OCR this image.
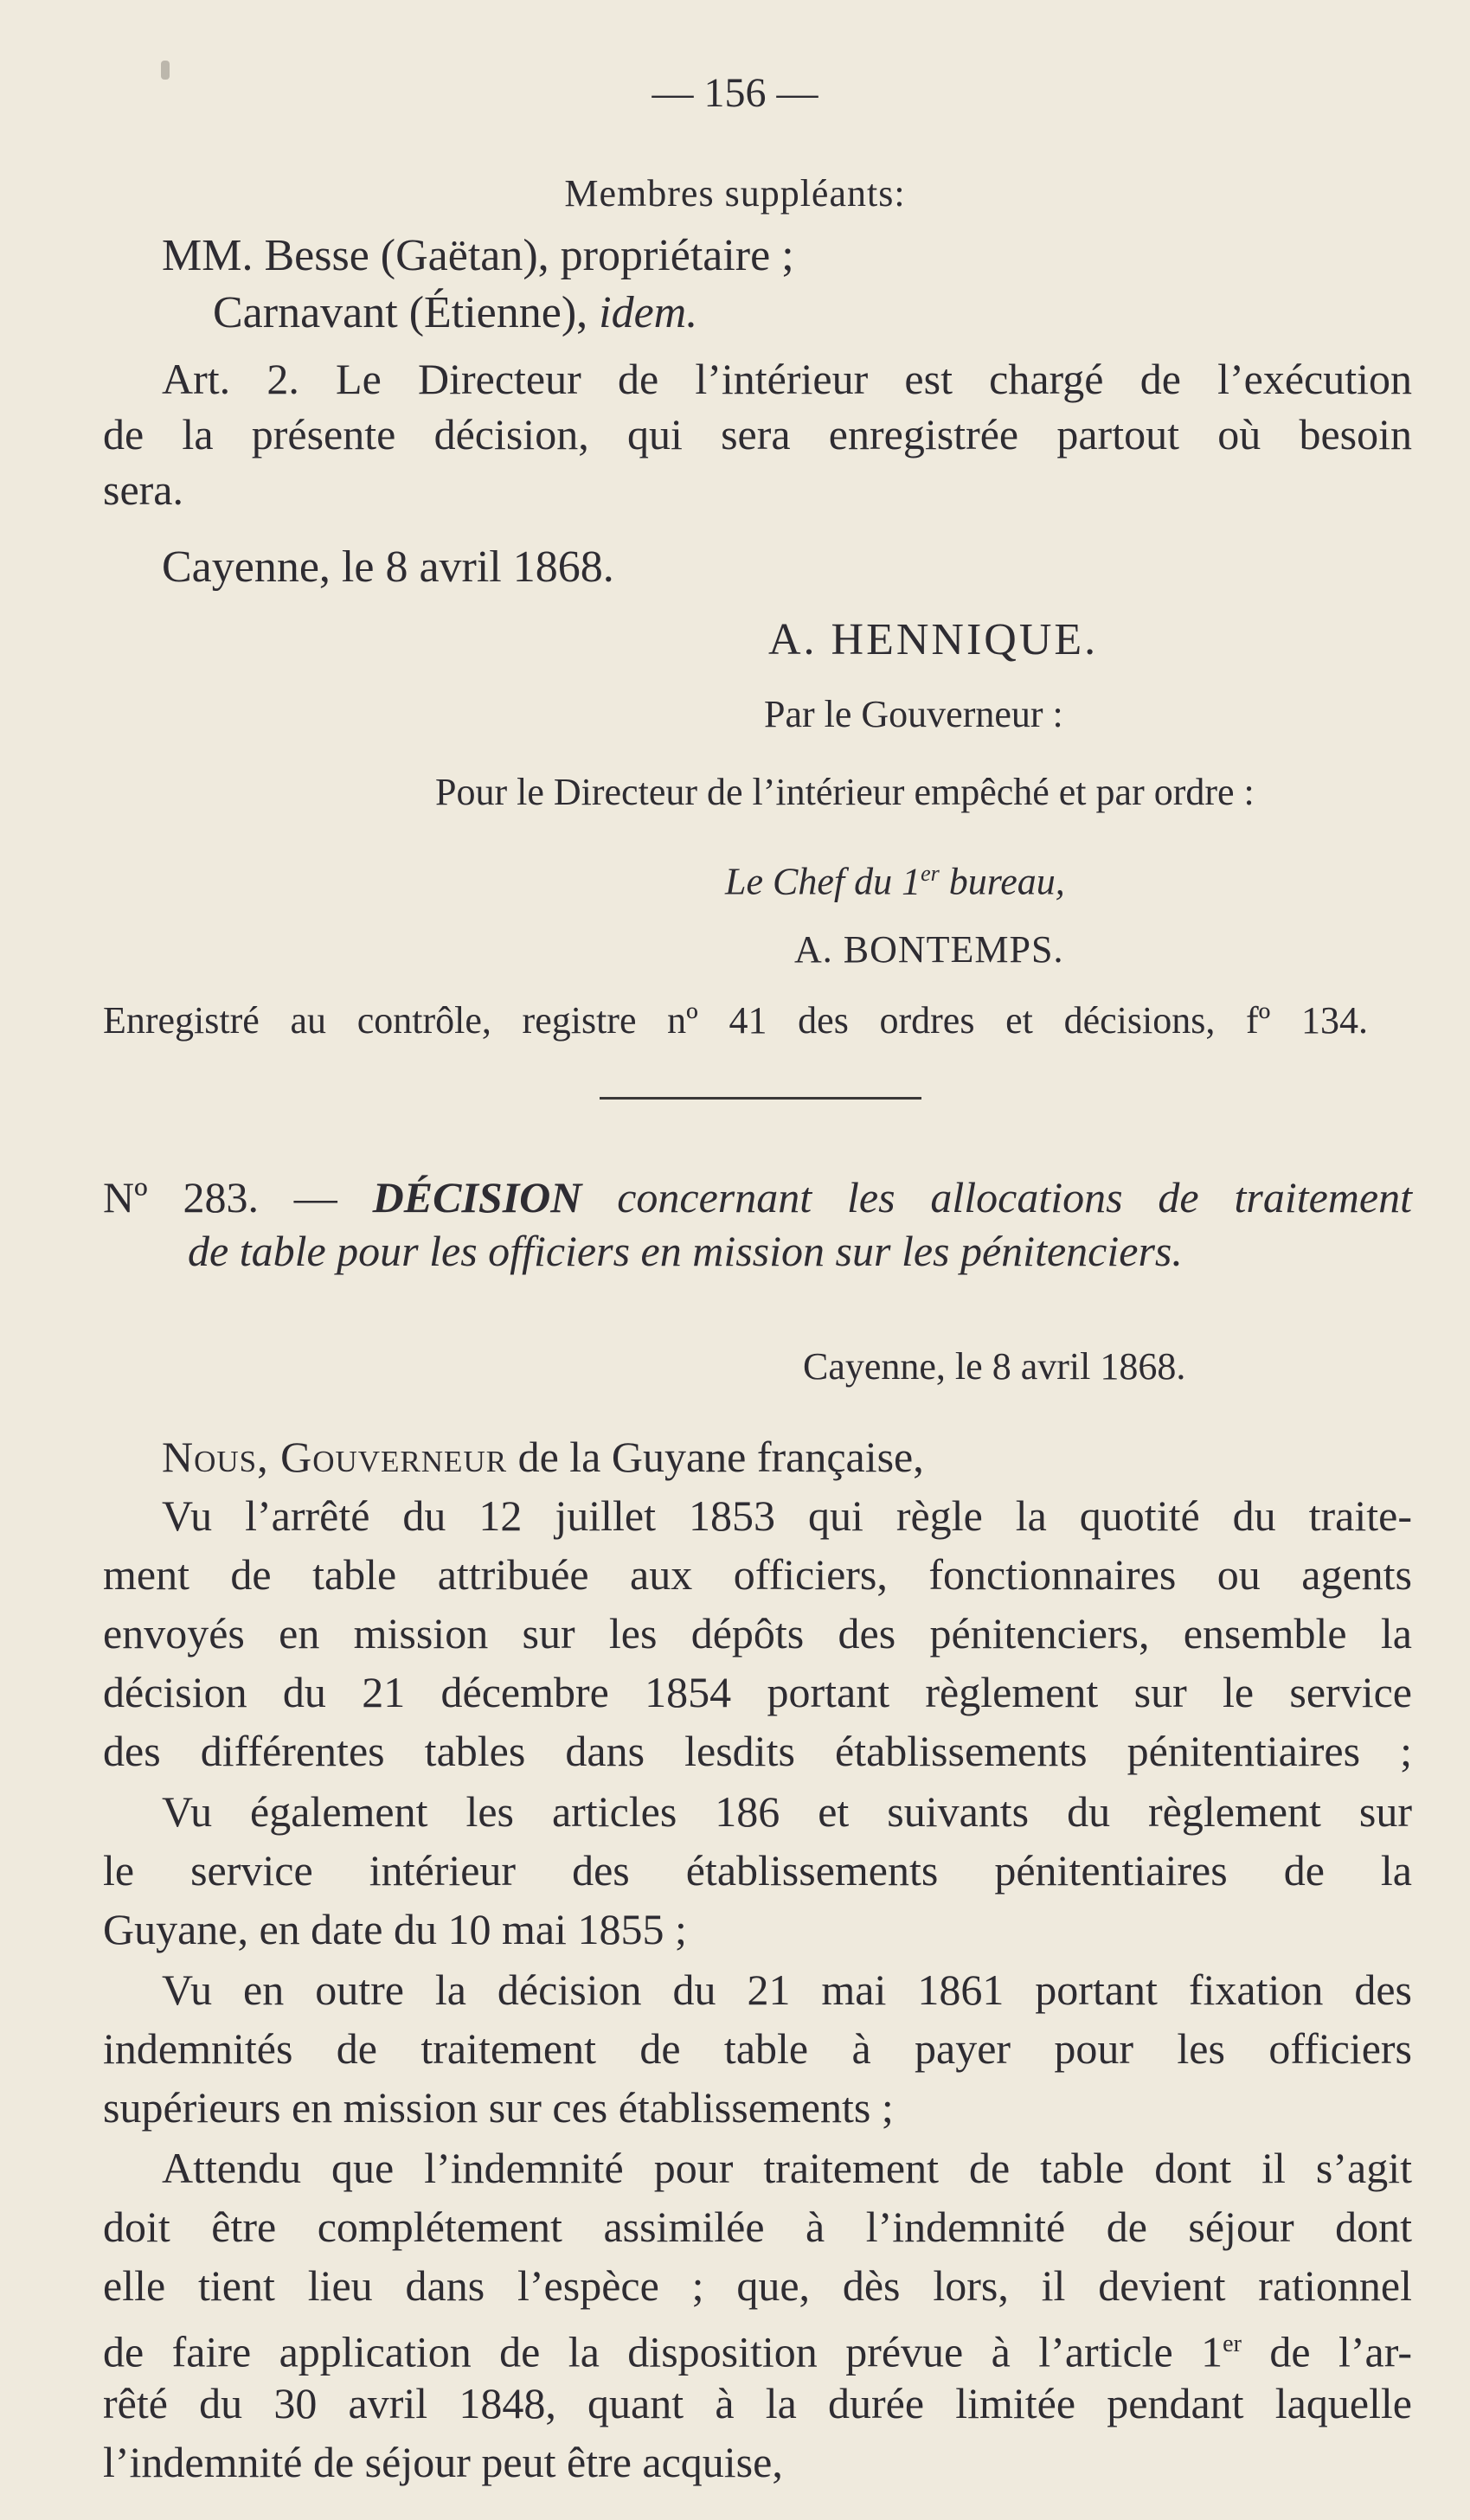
— 156 —
Membres suppléants:
MM. Besse (Gaëtan), propriétaire ;
Carnavant (Étienne), idem.
Art. 2. Le Directeur de l’intérieur est chargé de l’exécution
de la présente décision, qui sera enregistrée partout où besoin
sera.
Cayenne, le 8 avril 1868.
A. HENNIQUE.
Par le Gouverneur :
Pour le Directeur de l’intérieur empêché et par ordre :
Le Chef du 1er bureau,
A. BONTEMPS.
Enregistré au contrôle, registre nº 41 des ordres et décisions, fº 134.
Nº 283. — DÉCISION concernant les allocations de traitement
de table pour les officiers en mission sur les pénitenciers.
Cayenne, le 8 avril 1868.
Nous, Gouverneur de la Guyane française,
Vu l’arrêté du 12 juillet 1853 qui règle la quotité du traite-
ment de table attribuée aux officiers, fonctionnaires ou agents
envoyés en mission sur les dépôts des pénitenciers, ensemble la
décision du 21 décembre 1854 portant règlement sur le service
des différentes tables dans lesdits établissements pénitentiaires ;
Vu également les articles 186 et suivants du règlement sur
le service intérieur des établissements pénitentiaires de la
Guyane, en date du 10 mai 1855 ;
Vu en outre la décision du 21 mai 1861 portant fixation des
indemnités de traitement de table à payer pour les officiers
supérieurs en mission sur ces établissements ;
Attendu que l’indemnité pour traitement de table dont il s’agit
doit être complétement assimilée à l’indemnité de séjour dont
elle tient lieu dans l’espèce ; que, dès lors, il devient rationnel
de faire application de la disposition prévue à l’article 1er de l’ar-
rêté du 30 avril 1848, quant à la durée limitée pendant laquelle
l’indemnité de séjour peut être acquise,
